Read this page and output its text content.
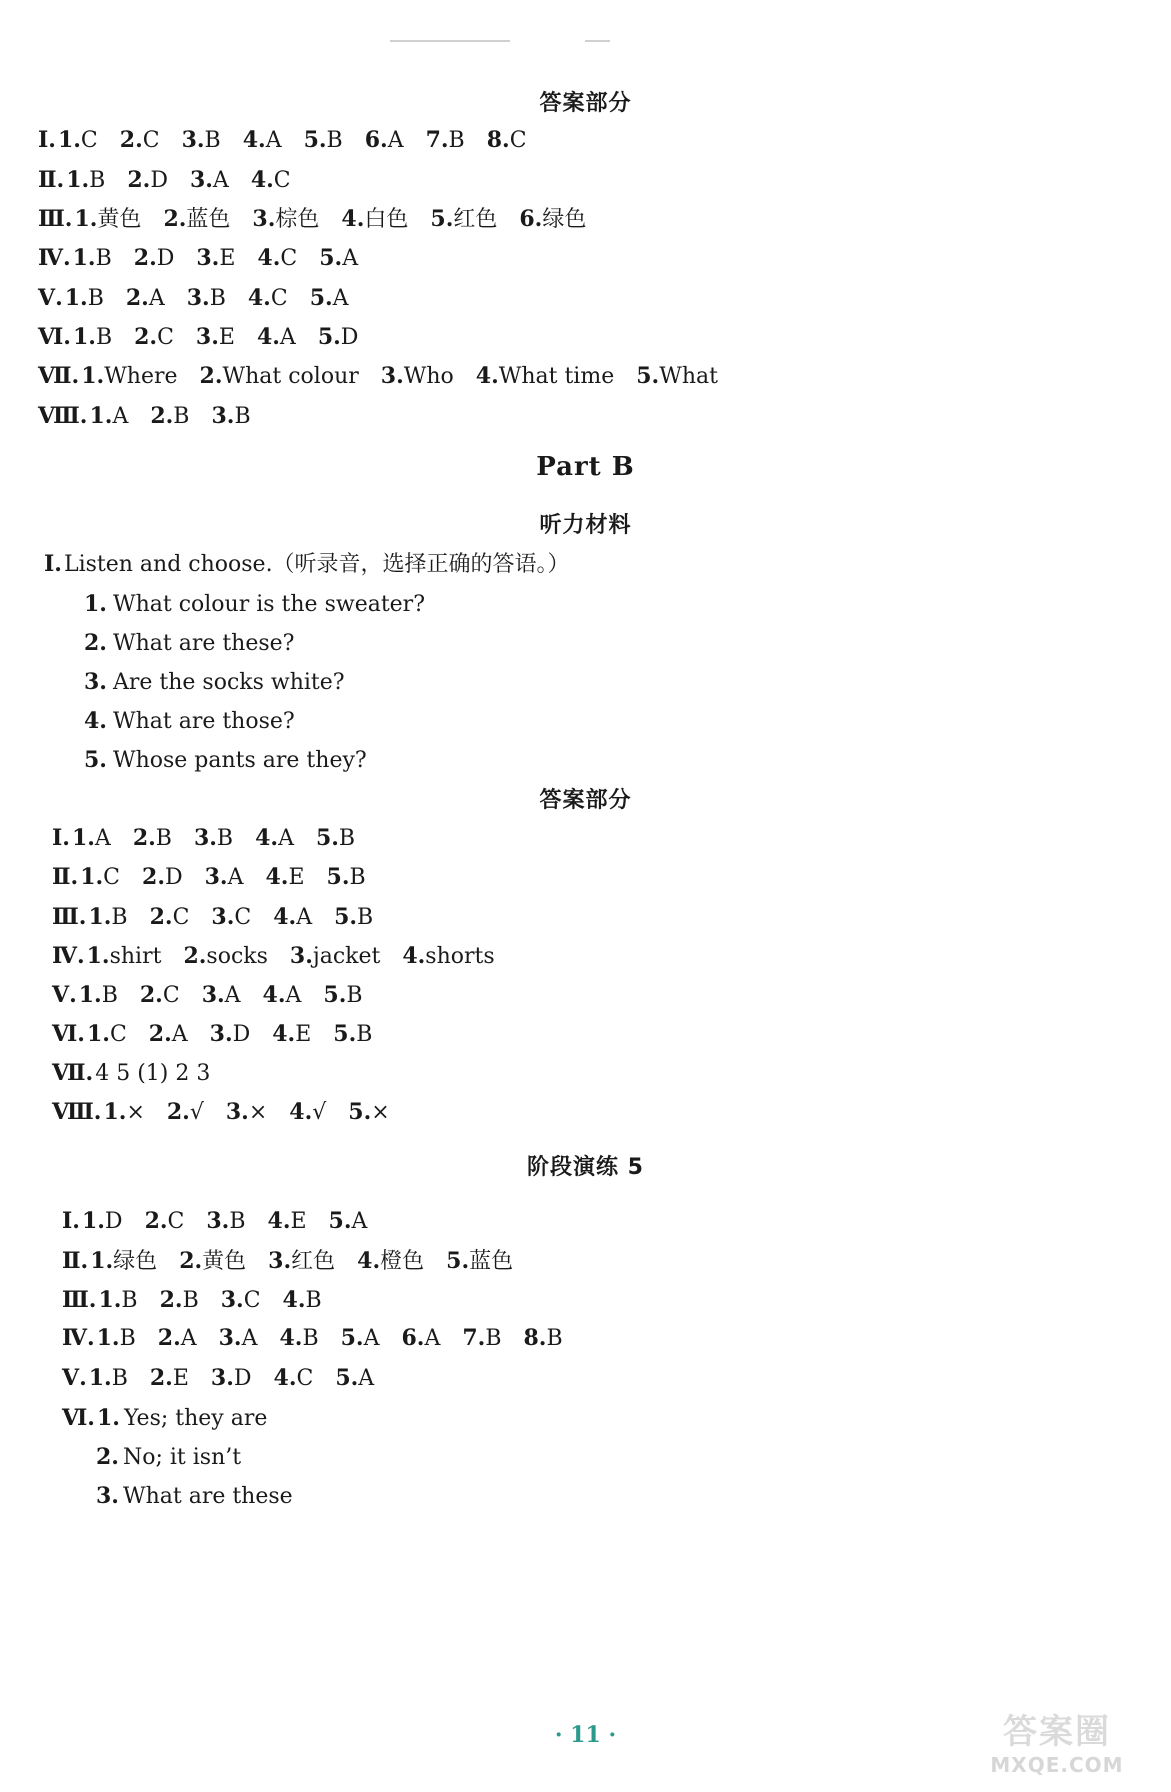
答案部分
Ⅰ.1.C 2.C 3.B 4.A 5.B 6.A 7.B 8.C
Ⅱ.1.B 2.D 3.A 4.C
Ⅲ.1.黄色 2.蓝色 3.棕色 4.白色 5.红色 6.绿色
Ⅳ.1.B 2.D 3.E 4.C 5.A
Ⅴ.1.B 2.A 3.B 4.C 5.A
Ⅵ.1.B 2.C 3.E 4.A 5.D
Ⅶ.1.Where 2.What colour 3.Who 4.What time 5.What
Ⅷ.1.A 2.B 3.B
Part B
听力材料
Ⅰ.Listen and choose.（听录音，选择正确的答语。）
1. What colour is the sweater?
2. What are these?
3. Are the socks white?
4. What are those?
5. Whose pants are they?
答案部分
Ⅰ.1.A 2.B 3.B 4.A 5.B
Ⅱ.1.C 2.D 3.A 4.E 5.B
Ⅲ.1.B 2.C 3.C 4.A 5.B
Ⅳ.1.shirt 2.socks 3.jacket 4.shorts
Ⅴ.1.B 2.C 3.A 4.A 5.B
Ⅵ.1.C 2.A 3.D 4.E 5.B
Ⅶ.4 5 (1) 2 3
Ⅷ.1.× 2.√ 3.× 4.√ 5.×
阶段演练 5
Ⅰ.1.D 2.C 3.B 4.E 5.A
Ⅱ.1.绿色 2.黄色 3.红色 4.橙色 5.蓝色
Ⅲ.1.B 2.B 3.C 4.B
Ⅳ.1.B 2.A 3.A 4.B 5.A 6.A 7.B 8.B
Ⅴ.1.B 2.E 3.D 4.C 5.A
Ⅵ.1. Yes; they are
2. No; it isn’t
3. What are these
· 11 ·	答案圈
MXQE.COM
